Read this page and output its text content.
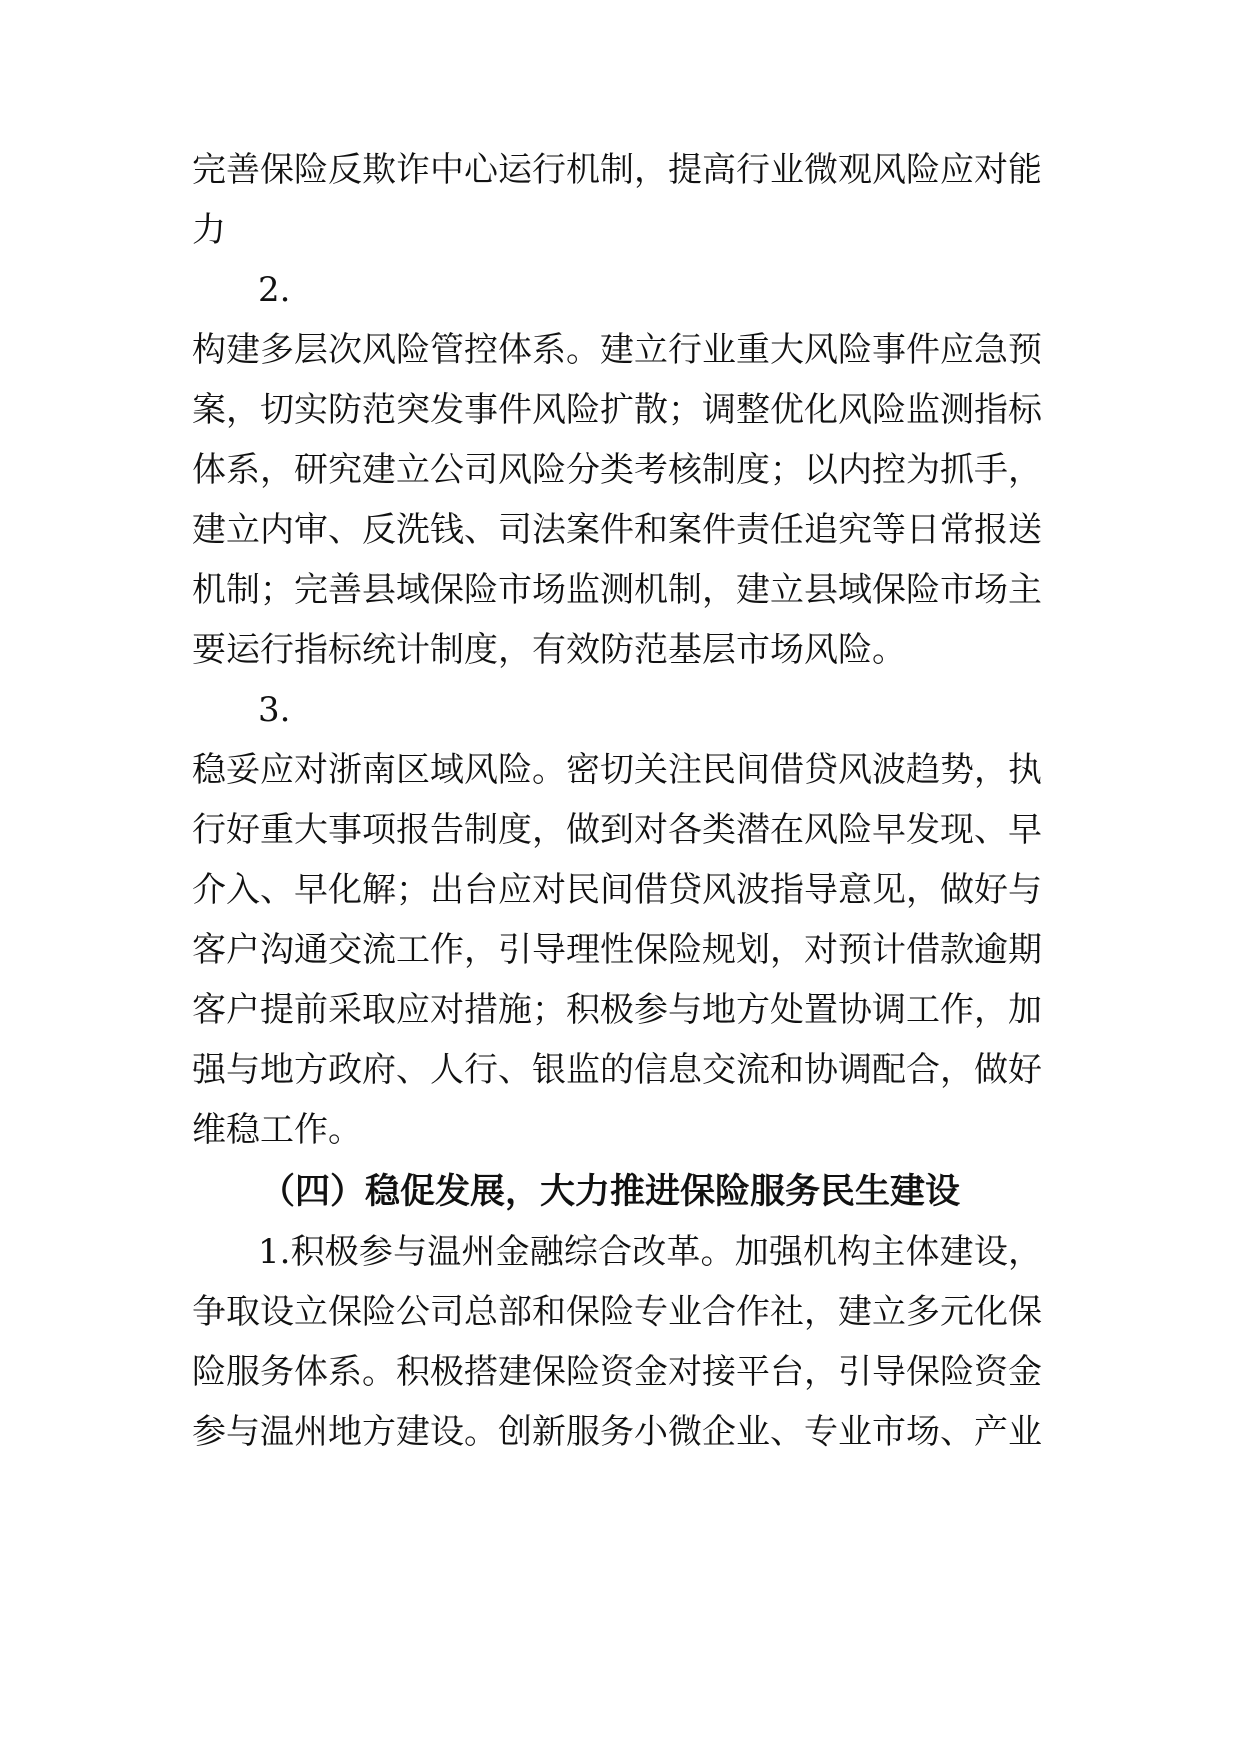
完善保险反欺诈中心运行机制，提高行业微观风险应对能
力
2.
构建多层次风险管控体系。建立行业重大风险事件应急预
案，切实防范突发事件风险扩散；调整优化风险监测指标
体系，研究建立公司风险分类考核制度；以内控为抓手，
建立内审、反洗钱、司法案件和案件责任追究等日常报送
机制；完善县域保险市场监测机制，建立县域保险市场主
要运行指标统计制度，有效防范基层市场风险。
3.
稳妥应对浙南区域风险。密切关注民间借贷风波趋势，执
行好重大事项报告制度，做到对各类潜在风险早发现、早
介入、早化解；出台应对民间借贷风波指导意见，做好与
客户沟通交流工作，引导理性保险规划，对预计借款逾期
客户提前采取应对措施；积极参与地方处置协调工作，加
强与地方政府、人行、银监的信息交流和协调配合，做好
维稳工作。
（四）稳促发展，大力推进保险服务民生建设
1.积极参与温州金融综合改革。加强机构主体建设，
争取设立保险公司总部和保险专业合作社，建立多元化保
险服务体系。积极搭建保险资金对接平台，引导保险资金
参与温州地方建设。创新服务小微企业、专业市场、产业
